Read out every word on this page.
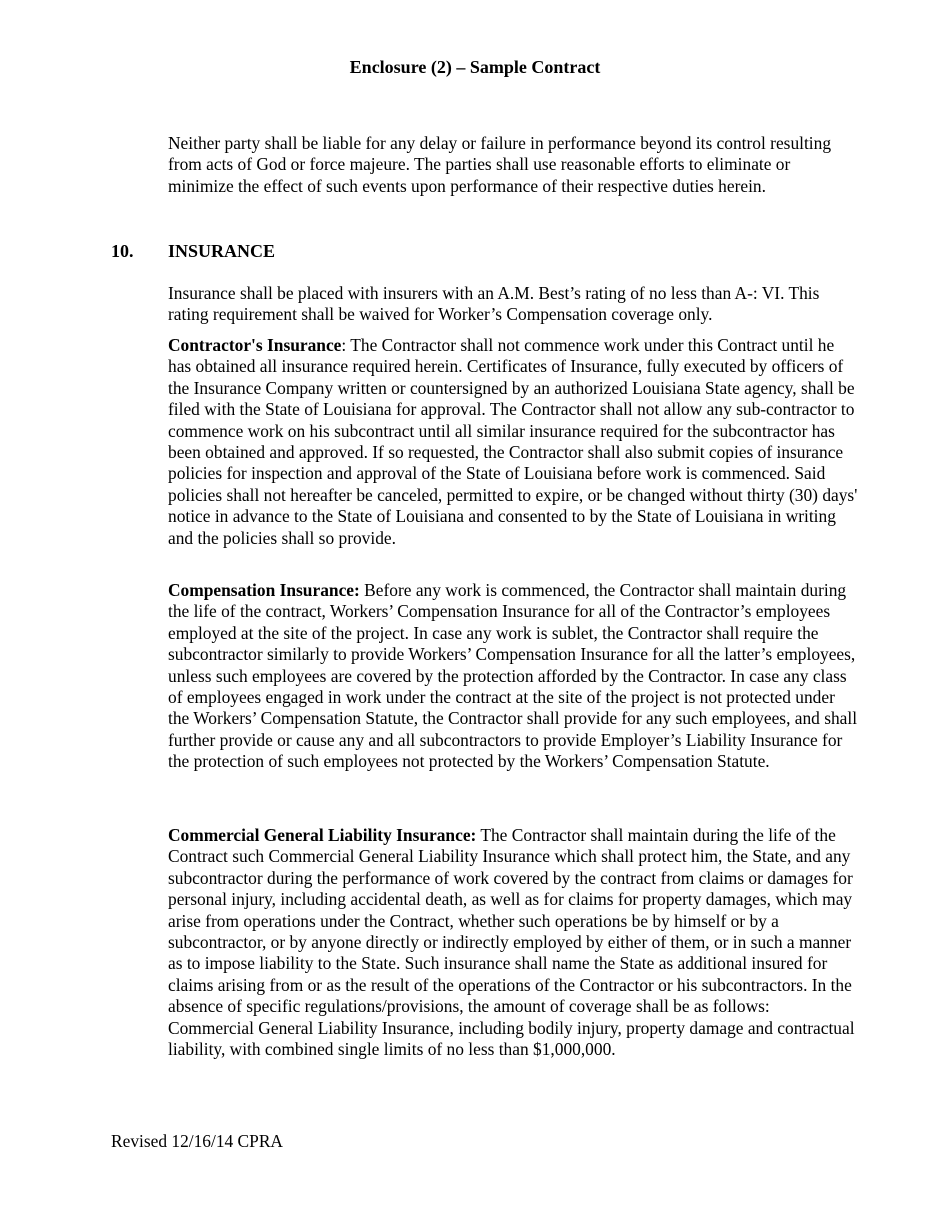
Enclosure (2) – Sample Contract

Neither party shall be liable for any delay or failure in performance beyond its control resulting from acts of God or force majeure. The parties shall use reasonable efforts to eliminate or minimize the effect of such events upon performance of their respective duties herein.

10. INSURANCE

Insurance shall be placed with insurers with an A.M. Best’s rating of no less than A-: VI. This rating requirement shall be waived for Worker’s Compensation coverage only.

Contractor's Insurance: The Contractor shall not commence work under this Contract until he has obtained all insurance required herein. Certificates of Insurance, fully executed by officers of the Insurance Company written or countersigned by an authorized Louisiana State agency, shall be filed with the State of Louisiana for approval. The Contractor shall not allow any sub-contractor to commence work on his subcontract until all similar insurance required for the subcontractor has been obtained and approved. If so requested, the Contractor shall also submit copies of insurance policies for inspection and approval of the State of Louisiana before work is commenced. Said policies shall not hereafter be canceled, permitted to expire, or be changed without thirty (30) days' notice in advance to the State of Louisiana and consented to by the State of Louisiana in writing and the policies shall so provide.

Compensation Insurance: Before any work is commenced, the Contractor shall maintain during the life of the contract, Workers’ Compensation Insurance for all of the Contractor’s employees employed at the site of the project. In case any work is sublet, the Contractor shall require the subcontractor similarly to provide Workers’ Compensation Insurance for all the latter’s employees, unless such employees are covered by the protection afforded by the Contractor. In case any class of employees engaged in work under the contract at the site of the project is not protected under the Workers’ Compensation Statute, the Contractor shall provide for any such employees, and shall further provide or cause any and all subcontractors to provide Employer’s Liability Insurance for the protection of such employees not protected by the Workers’ Compensation Statute.

Commercial General Liability Insurance: The Contractor shall maintain during the life of the Contract such Commercial General Liability Insurance which shall protect him, the State, and any subcontractor during the performance of work covered by the contract from claims or damages for personal injury, including accidental death, as well as for claims for property damages, which may arise from operations under the Contract, whether such operations be by himself or by a subcontractor, or by anyone directly or indirectly employed by either of them, or in such a manner as to impose liability to the State. Such insurance shall name the State as additional insured for claims arising from or as the result of the operations of the Contractor or his subcontractors. In the absence of specific regulations/provisions, the amount of coverage shall be as follows: Commercial General Liability Insurance, including bodily injury, property damage and contractual liability, with combined single limits of no less than $1,000,000.

Revised 12/16/14 CPRA
